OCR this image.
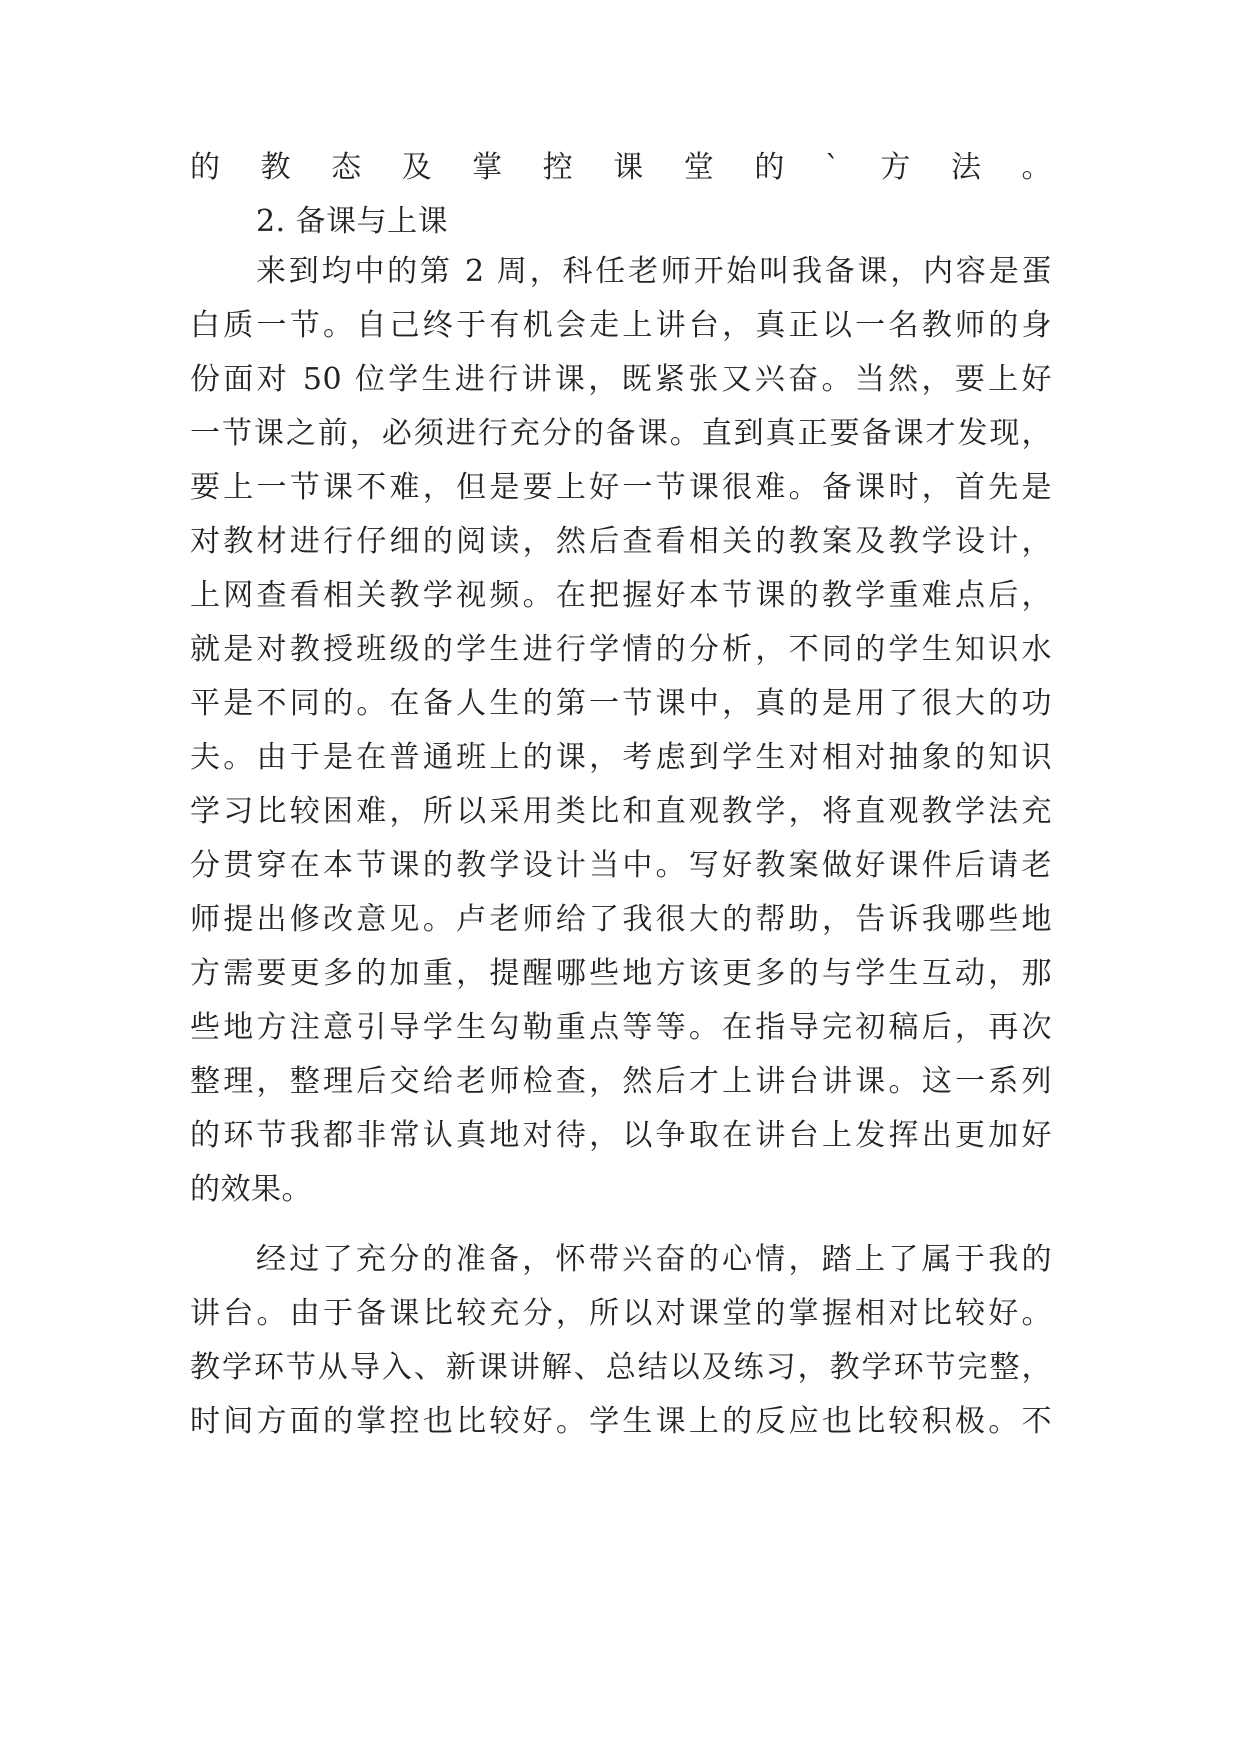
的教态及掌控课堂的`方法。
2. 备课与上课
来到均中的第 2 周，科任老师开始叫我备课，内容是蛋
白质一节。自己终于有机会走上讲台，真正以一名教师的身
份面对 50 位学生进行讲课，既紧张又兴奋。当然，要上好
一节课之前，必须进行充分的备课。直到真正要备课才发现，
要上一节课不难，但是要上好一节课很难。备课时，首先是
对教材进行仔细的阅读，然后查看相关的教案及教学设计，
上网查看相关教学视频。在把握好本节课的教学重难点后，
就是对教授班级的学生进行学情的分析，不同的学生知识水
平是不同的。在备人生的第一节课中，真的是用了很大的功
夫。由于是在普通班上的课，考虑到学生对相对抽象的知识
学习比较困难，所以采用类比和直观教学，将直观教学法充
分贯穿在本节课的教学设计当中。写好教案做好课件后请老
师提出修改意见。卢老师给了我很大的帮助，告诉我哪些地
方需要更多的加重，提醒哪些地方该更多的与学生互动，那
些地方注意引导学生勾勒重点等等。在指导完初稿后，再次
整理，整理后交给老师检查，然后才上讲台讲课。这一系列
的环节我都非常认真地对待，以争取在讲台上发挥出更加好
的效果。
经过了充分的准备，怀带兴奋的心情，踏上了属于我的
讲台。由于备课比较充分，所以对课堂的掌握相对比较好。
教学环节从导入、新课讲解、总结以及练习，教学环节完整，
时间方面的掌控也比较好。学生课上的反应也比较积极。不
